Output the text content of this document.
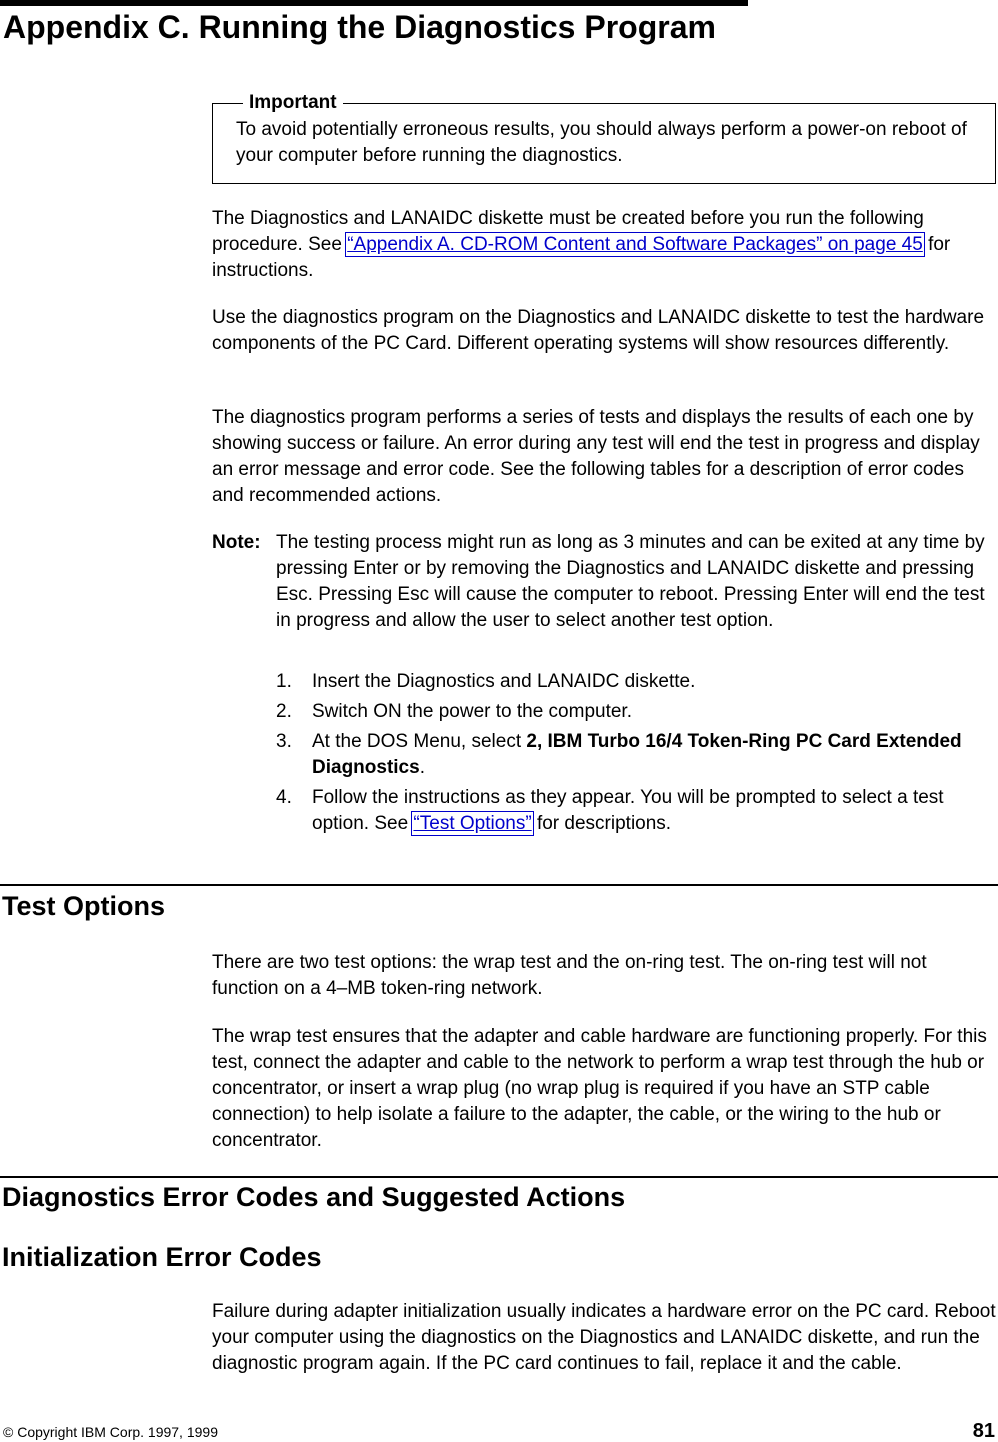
Appendix C. Running the Diagnostics Program
Important

To avoid potentially erroneous results, you should always perform a power-on reboot of your computer before running the diagnostics.

The Diagnostics and LANAIDC diskette must be created before you run the following procedure. See “Appendix A. CD-ROM Content and Software Packages” on page 45 for instructions.

Use the diagnostics program on the Diagnostics and LANAIDC diskette to test the hardware components of the PC Card. Different operating systems will show resources differently.

The diagnostics program performs a series of tests and displays the results of each one by showing success or failure. An error during any test will end the test in progress and display an error message and error code. See the following tables for a description of error codes and recommended actions.

Note: The testing process might run as long as 3 minutes and can be exited at any time by pressing Enter or by removing the Diagnostics and LANAIDC diskette and pressing Esc. Pressing Esc will cause the computer to reboot. Pressing Enter will end the test in progress and allow the user to select another test option.

1.	Insert the Diagnostics and LANAIDC diskette.

2.	Switch ON the power to the computer.

3.	At the DOS Menu, select 2, IBM Turbo 16/4 Token-Ring PC Card Extended Diagnostics.

4.	Follow the instructions as they appear. You will be prompted to select a test option. See “Test Options” for descriptions.

Test Options

There are two test options: the wrap test and the on-ring test. The on-ring test will not function on a 4–MB token-ring network.

The wrap test ensures that the adapter and cable hardware are functioning properly. For this test, connect the adapter and cable to the network to perform a wrap test through the hub or concentrator, or insert a wrap plug (no wrap plug is required if you have an STP cable connection) to help isolate a failure to the adapter, the cable, or the wiring to the hub or concentrator.

Diagnostics Error Codes and Suggested Actions
Initialization Error Codes

Failure during adapter initialization usually indicates a hardware error on the PC card. Reboot your computer using the diagnostics on the Diagnostics and LANAIDC diskette, and run the diagnostic program again. If the PC card continues to fail, replace it and the cable.

© Copyright IBM Corp. 1997, 1999	81
